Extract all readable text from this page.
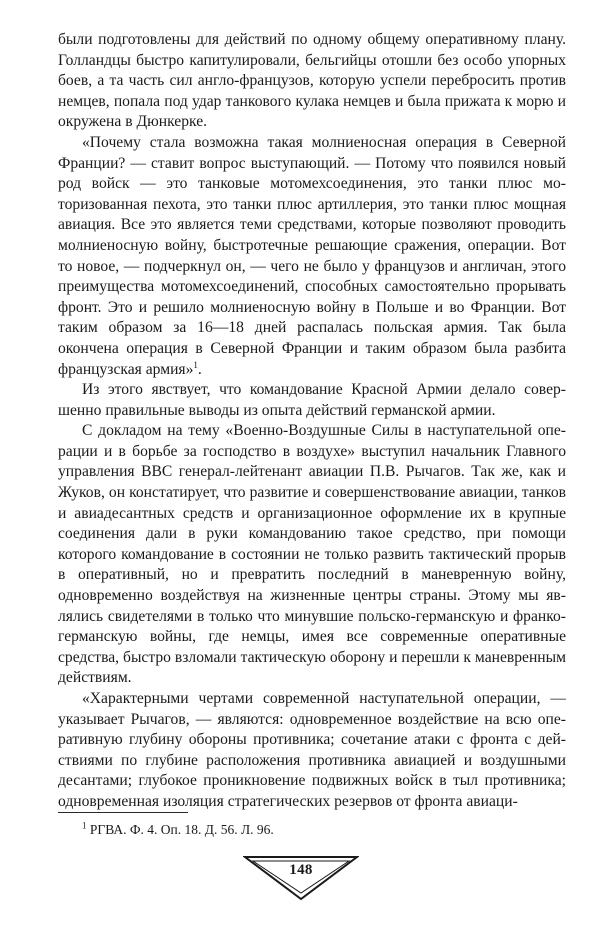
были подготовлены для действий по одному общему оперативному плану. Голландцы быстро капитулировали, бельгийцы отошли без особо упорных боев, а та часть сил англо-французов, которую успели перебросить против немцев, попала под удар танкового кулака немцев и была прижата к морю и окружена в Дюнкерке.

«Почему стала возможна такая молниеносная операция в Северной Франции? — ставит вопрос выступающий. — Потому что появился новый род войск — это танковые мотомехсоединения, это танки плюс моторизованная пехота, это танки плюс артиллерия, это танки плюс мощная авиация. Все это является теми средствами, которые позволяют проводить молниеносную войну, быстротечные решающие сражения, операции. Вот то новое, — подчеркнул он, — чего не было у французов и англичан, этого преимущества мотомехсоединений, способных самостоятельно прорывать фронт. Это и решило молниеносную войну в Польше и во Франции. Вот таким образом за 16—18 дней распалась польская армия. Так была окончена операция в Северной Франции и таким образом была разбита французская армия»$^1$.

Из этого явствует, что командование Красной Армии делало совершенно правильные выводы из опыта действий германской армии.

С докладом на тему «Военно-Воздушные Силы в наступательной операции и в борьбе за господство в воздухе» выступил начальник Главного управления ВВС генерал-лейтенант авиации П.В. Рычагов. Так же, как и Жуков, он констатирует, что развитие и совершенствование авиации, танков и авиадесантных средств и организационное оформление их в крупные соединения дали в руки командованию такое средство, при помощи которого командование в состоянии не только развить тактический прорыв в оперативный, но и превратить последний в маневренную войну, одновременно воздействуя на жизненные центры страны. Этому мы являлись свидетелями в только что минувшие польско-германскую и франко-германскую войны, где немцы, имея все современные оперативные средства, быстро взломали тактическую оборону и перешли к маневренным действиям.

«Характерными чертами современной наступательной операции, — указывает Рычагов, — являются: одновременное воздействие на всю оперативную глубину обороны противника; сочетание атаки с фронта с действиями по глубине расположения противника авиацией и воздушными десантами; глубокое проникновение подвижных войск в тыл противника; одновременная изоляция стратегических резервов от фронта авиаци-

$^1$ РГВА. Ф. 4. Оп. 18. Д. 56. Л. 96.
148
